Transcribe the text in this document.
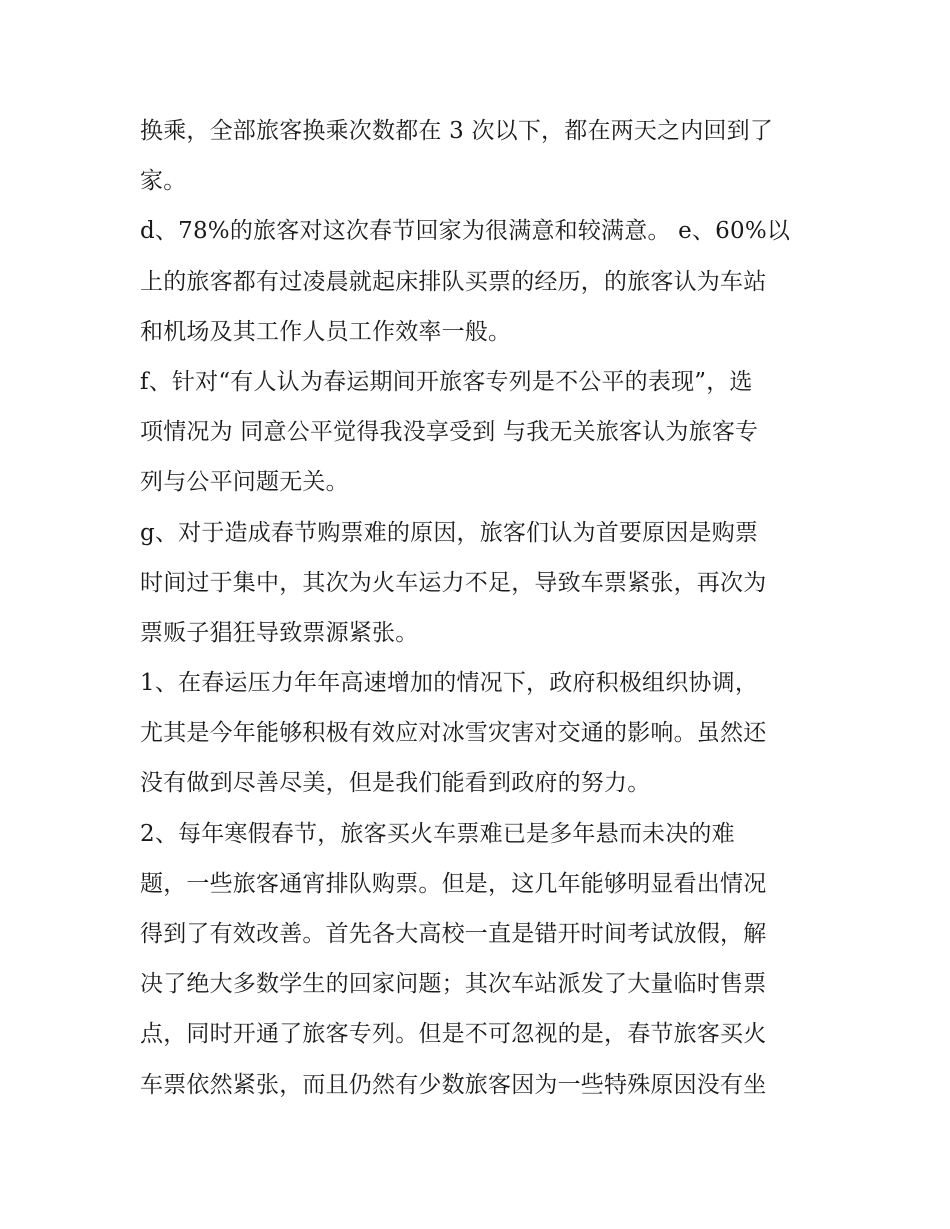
换乘，全部旅客换乘次数都在 3 次以下，都在两天之内回到了
家。

d、78%的旅客对这次春节回家为很满意和较满意。 e、60%以
上的旅客都有过凌晨就起床排队买票的经历，的旅客认为车站
和机场及其工作人员工作效率一般。

f、针对“有人认为春运期间开旅客专列是不公平的表现”，选
项情况为 同意公平觉得我没享受到 与我无关旅客认为旅客专
列与公平问题无关。

g、对于造成春节购票难的原因，旅客们认为首要原因是购票
时间过于集中，其次为火车运力不足，导致车票紧张，再次为
票贩子猖狂导致票源紧张。

1、在春运压力年年高速增加的情况下，政府积极组织协调，
尤其是今年能够积极有效应对冰雪灾害对交通的影响。虽然还
没有做到尽善尽美，但是我们能看到政府的努力。

2、每年寒假春节，旅客买火车票难已是多年悬而未决的难
题，一些旅客通宵排队购票。但是，这几年能够明显看出情况
得到了有效改善。首先各大高校一直是错开时间考试放假，解
决了绝大多数学生的回家问题；其次车站派发了大量临时售票
点，同时开通了旅客专列。但是不可忽视的是，春节旅客买火
车票依然紧张，而且仍然有少数旅客因为一些特殊原因没有坐
